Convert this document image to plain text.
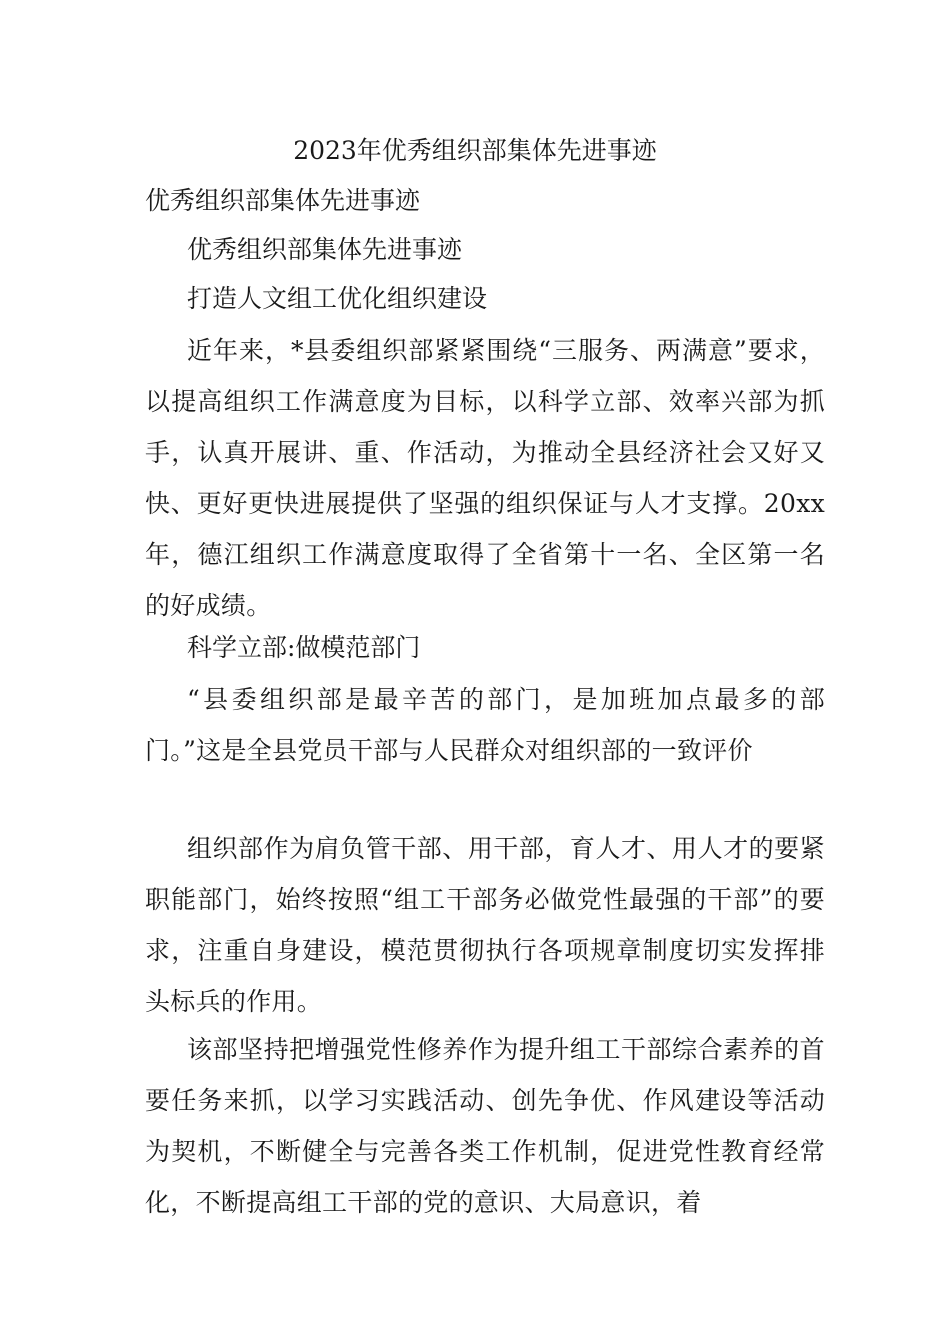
2023年优秀组织部集体先进事迹
优秀组织部集体先进事迹
优秀组织部集体先进事迹
打造人文组工优化组织建设

近年来，*县委组织部紧紧围绕“三服务、两满意”要求，以提高组织工作满意度为目标，以科学立部、效率兴部为抓手，认真开展讲、重、作活动，为推动全县经济社会又好又快、更好更快进展提供了坚强的组织保证与人才支撑。20xx年，德江组织工作满意度取得了全省第十一名、全区第一名的好成绩。

科学立部:做模范部门

“县委组织部是最辛苦的部门，是加班加点最多的部门。”这是全县党员干部与人民群众对组织部的一致评价

组织部作为肩负管干部、用干部，育人才、用人才的要紧职能部门，始终按照“组工干部务必做党性最强的干部”的要求，注重自身建设，模范贯彻执行各项规章制度切实发挥排头标兵的作用。

该部坚持把增强党性修养作为提升组工干部综合素养的首要任务来抓，以学习实践活动、创先争优、作风建设等活动为契机，不断健全与完善各类工作机制，促进党性教育经常化，不断提高组工干部的党的意识、大局意识，着
